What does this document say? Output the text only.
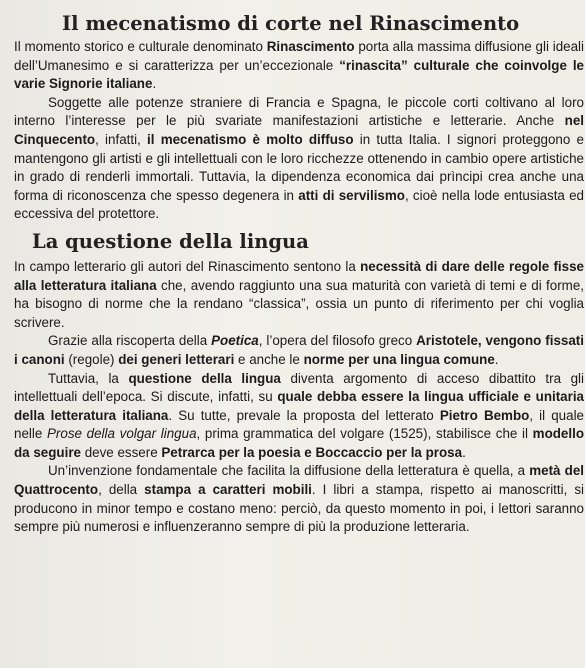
Il mecenatismo di corte nel Rinascimento

Il momento storico e culturale denominato Rinascimento porta alla massima diffusione gli ideali dell’Umanesimo e si caratterizza per un’eccezionale “rinascita” culturale che coinvolge le varie Signorie italiane.

Soggette alle potenze straniere di Francia e Spagna, le piccole corti coltivano al loro interno l’interesse per le più svariate manifestazioni artistiche e letterarie. Anche nel Cinquecento, infatti, il mecenatismo è molto diffuso in tutta Italia. I signori proteggono e mantengono gli artisti e gli intellettuali con le loro ricchezze ottenendo in cambio opere artistiche in grado di renderli immortali. Tuttavia, la dipendenza economica dai prìncipi crea anche una forma di riconoscenza che spesso degenera in atti di servilismo, cioè nella lode entusiasta ed eccessiva del protettore.

La questione della lingua

In campo letterario gli autori del Rinascimento sentono la necessità di dare delle regole fisse alla letteratura italiana che, avendo raggiunto una sua maturità con varietà di temi e di forme, ha bisogno di norme che la rendano “classica”, ossia un punto di riferimento per chi voglia scrivere.

Grazie alla riscoperta della Poetica, l’opera del filosofo greco Aristotele, vengono fissati i canoni (regole) dei generi letterari e anche le norme per una lingua comune.

Tuttavia, la questione della lingua diventa argomento di acceso dibattito tra gli intellettuali dell’epoca. Si discute, infatti, su quale debba essere la lingua ufficiale e unitaria della letteratura italiana. Su tutte, prevale la proposta del letterato Pietro Bembo, il quale nelle Prose della volgar lingua, prima grammatica del volgare (1525), stabilisce che il modello da seguire deve essere Petrarca per la poesia e Boccaccio per la prosa.

Un’invenzione fondamentale che facilita la diffusione della letteratura è quella, a metà del Quattrocento, della stampa a caratteri mobili. I libri a stampa, rispetto ai manoscritti, si producono in minor tempo e costano meno: perciò, da questo momento in poi, i lettori saranno sempre più numerosi e influenzeranno sempre di più la produzione letteraria.
